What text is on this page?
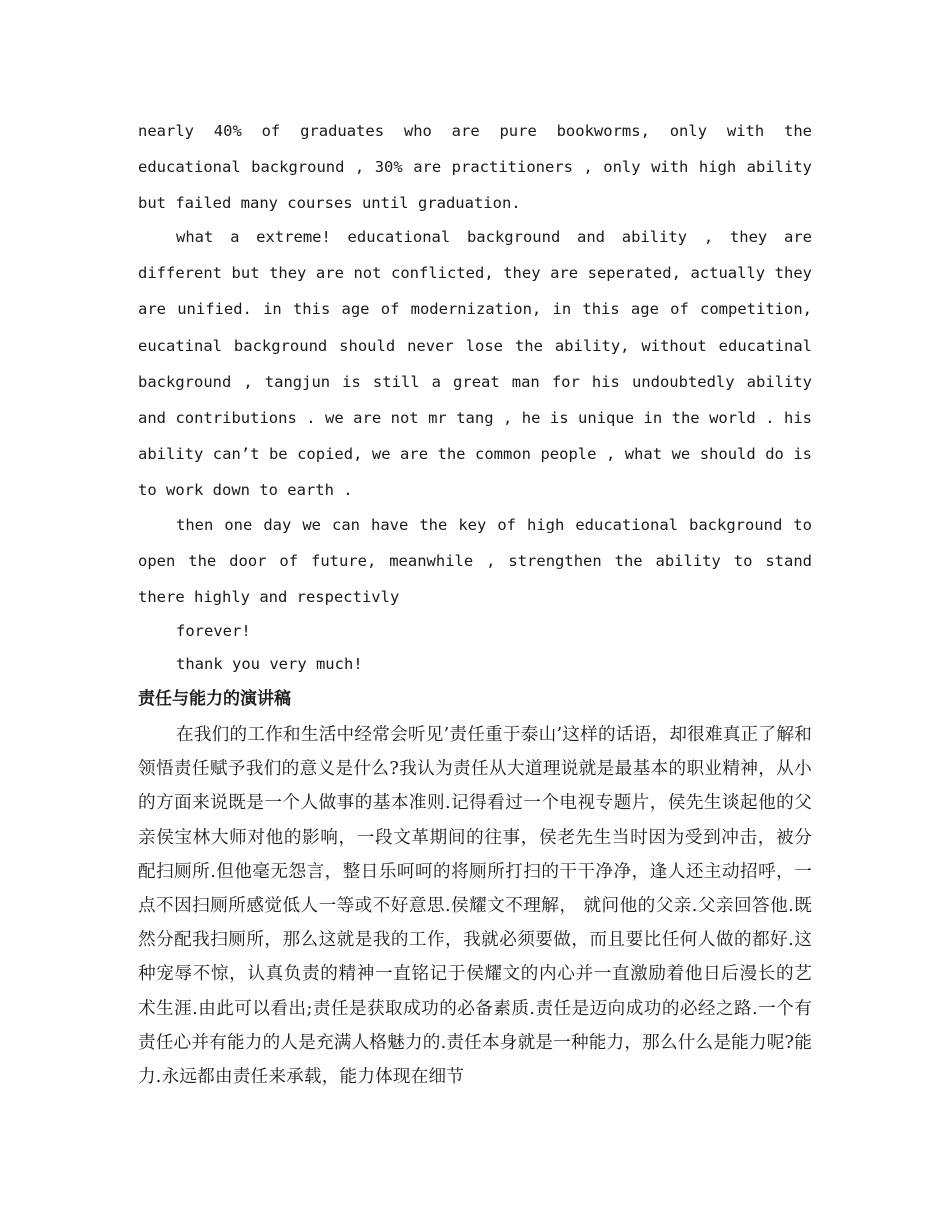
nearly 40% of graduates who are pure bookworms, only with the educational background , 30% are practitioners , only with high ability but failed many courses until graduation.

what a extreme! educational background and ability , they are different but they are not conflicted, they are seperated, actually they are unified. in this age of modernization, in this age of competition, eucatinal background should never lose the ability, without educatinal background , tangjun is still a great man for his undoubtedly ability and contributions . we are not mr tang , he is unique in the world . his ability can’t be copied, we are the common people , what we should do is to work down to earth .

then one day we can have the key of high educational background to open the door of future, meanwhile , strengthen the ability to stand there highly and respectivly

forever!

thank you very much!

责任与能力的演讲稿

在我们的工作和生活中经常会听见’责任重于泰山’这样的话语，却很难真正了解和领悟责任赋予我们的意义是什么?我认为责任从大道理说就是最基本的职业精神，从小的方面来说既是一个人做事的基本准则.记得看过一个电视专题片，侯先生谈起他的父亲侯宝林大师对他的影响，一段文革期间的往事，侯老先生当时因为受到冲击，被分配扫厕所.但他毫无怨言，整日乐呵呵的将厕所打扫的干干净净，逢人还主动招呼，一点不因扫厕所感觉低人一等或不好意思.侯耀文不理解， 就问他的父亲.父亲回答他.既然分配我扫厕所，那么这就是我的工作，我就必须要做，而且要比任何人做的都好.这种宠辱不惊，认真负责的精神一直铭记于侯耀文的内心并一直激励着他日后漫长的艺术生涯.由此可以看出;责任是获取成功的必备素质.责任是迈向成功的必经之路.一个有责任心并有能力的人是充满人格魅力的.责任本身就是一种能力，那么什么是能力呢?能力.永远都由责任来承载，能力体现在细节
